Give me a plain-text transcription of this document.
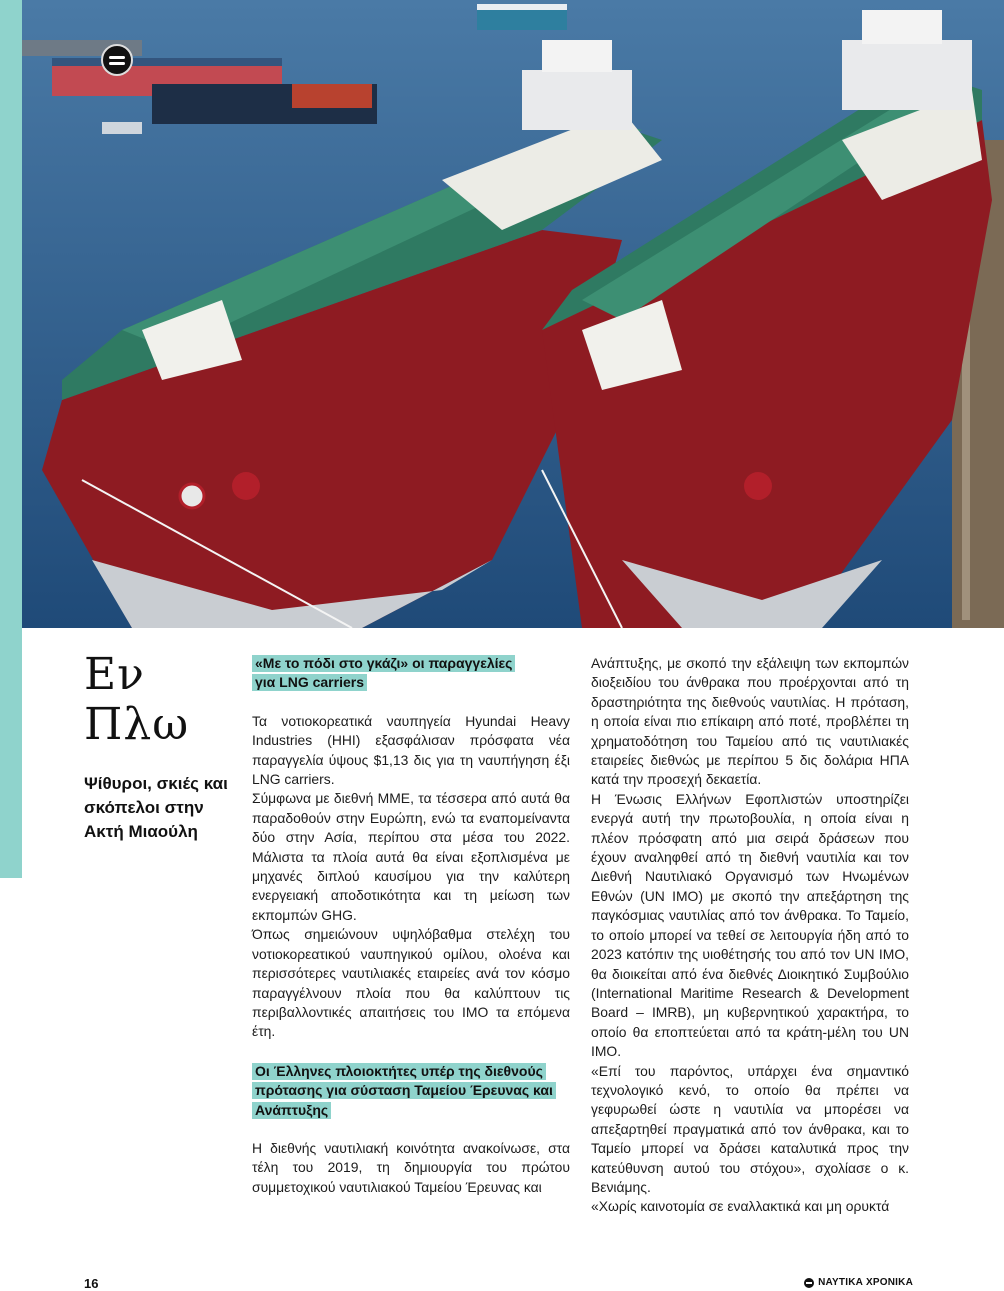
Εν
Πλω
Ψίθυροι, σκιές και σκόπελοι στην Ακτή Μιαούλη
«Με το πόδι στο γκάζι» οι παραγγελίες για LNG carriers

Τα νοτιοκορεατικά ναυπηγεία Hyundai Heavy Industries (HHI) εξασφάλισαν πρόσφατα νέα παραγγελία ύψους $1,13 δις για τη ναυπήγηση έξι LNG carriers.

Σύμφωνα με διεθνή ΜΜΕ, τα τέσσερα από αυτά θα παραδοθούν στην Ευρώπη, ενώ τα εναπομείναντα δύο στην Ασία, περίπου στα μέσα του 2022. Μάλιστα τα πλοία αυτά θα είναι εξοπλισμένα με μηχανές διπλού καυσίμου για την καλύτερη ενεργειακή αποδοτικότητα και τη μείωση των εκπομπών GHG.

Όπως σημειώνουν υψηλόβαθμα στελέχη του νοτιοκορεατικού ναυπηγικού ομίλου, ολοένα και περισσότερες ναυτιλιακές εταιρείες ανά τον κόσμο παραγγέλνουν πλοία που θα καλύπτουν τις περιβαλλοντικές απαιτήσεις του ΙΜΟ τα επόμενα έτη.

Οι Έλληνες πλοιοκτήτες υπέρ της διεθνούς πρότασης για σύσταση Ταμείου Έρευνας και Ανάπτυξης

Η διεθνής ναυτιλιακή κοινότητα ανακοίνωσε, στα τέλη του 2019, τη δημιουργία του πρώτου συμμετοχικού ναυτιλιακού Ταμείου Έρευνας και

Ανάπτυξης, με σκοπό την εξάλειψη των εκπομπών διοξειδίου του άνθρακα που προέρχονται από τη δραστηριότητα της διεθνούς ναυτιλίας. Η πρόταση, η οποία είναι πιο επίκαιρη από ποτέ, προβλέπει τη χρηματοδότηση του Ταμείου από τις ναυτιλιακές εταιρείες διεθνώς με περίπου 5 δις δολάρια ΗΠΑ κατά την προσεχή δεκαετία.

Η Ένωσις Ελλήνων Εφοπλιστών υποστηρίζει ενεργά αυτή την πρωτοβουλία, η οποία είναι η πλέον πρόσφατη από μια σειρά δράσεων που έχουν αναληφθεί από τη διεθνή ναυτιλία και τον Διεθνή Ναυτιλιακό Οργανισμό των Ηνωμένων Εθνών (UN IMO) με σκοπό την απεξάρτηση της παγκόσμιας ναυτιλίας από τον άνθρακα. Το Ταμείο, το οποίο μπορεί να τεθεί σε λειτουργία ήδη από το 2023 κατόπιν της υιοθέτησής του από τον UN IMO, θα διοικείται από ένα διεθνές Διοικητικό Συμβούλιο (International Maritime Research & Development Board – IMRB), μη κυβερνητικού χαρακτήρα, το οποίο θα εποπτεύεται από τα κράτη-μέλη του UN IMO.

«Επί του παρόντος, υπάρχει ένα σημαντικό τεχνολογικό κενό, το οποίο θα πρέπει να γεφυρωθεί ώστε η ναυτιλία να μπορέσει να απεξαρτηθεί πραγματικά από τον άνθρακα, και το Ταμείο μπορεί να δράσει καταλυτικά προς την κατεύθυνση αυτού του στόχου», σχολίασε ο κ. Βενιάμης.

«Χωρίς καινοτομία σε εναλλακτικά και μη ορυκτά

16	ΝΑΥΤΙΚΑ ΧΡΟΝΙΚΑ
